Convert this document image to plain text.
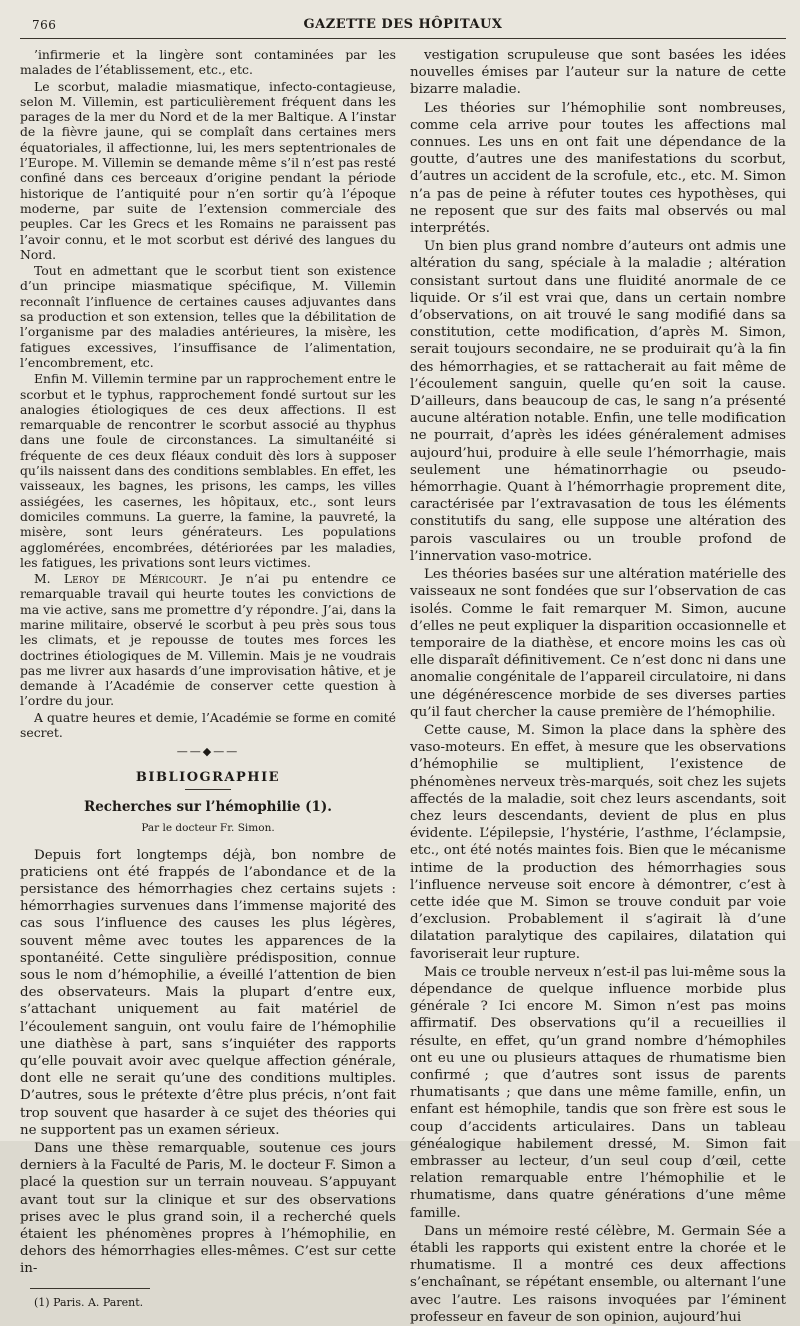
766	GAZETTE DES HÔPITAUX

’infirmerie et la lingère sont contaminées par les malades de l’établissement, etc., etc.

Le scorbut, maladie miasmatique, infecto-contagieuse, selon M. Villemin, est particulièrement fréquent dans les parages de la mer du Nord et de la mer Baltique. A l’instar de la fièvre jaune, qui se complaît dans certaines mers équatoriales, il affectionne, lui, les mers septentrionales de l’Europe. M. Villemin se demande même s’il n’est pas resté confiné dans ces berceaux d’origine pendant la période historique de l’antiquité pour n’en sortir qu’à l’époque moderne, par suite de l’extension commerciale des peuples. Car les Grecs et les Romains ne paraissent pas l’avoir connu, et le mot scorbut est dérivé des langues du Nord.

Tout en admettant que le scorbut tient son existence d’un principe miasmatique spécifique, M. Villemin reconnaît l’influence de certaines causes adjuvantes dans sa production et son extension, telles que la débilitation de l’organisme par des maladies antérieures, la misère, les fatigues excessives, l’insuffisance de l’alimentation, l’encombrement, etc.

Enfin M. Villemin termine par un rapprochement entre le scorbut et le typhus, rapprochement fondé surtout sur les analogies étiologiques de ces deux affections. Il est remarquable de rencontrer le scorbut associé au thyphus dans une foule de circonstances. La simultanéité si fréquente de ces deux fléaux conduit dès lors à supposer qu’ils naissent dans des conditions semblables. En effet, les vaisseaux, les bagnes, les prisons, les camps, les villes assiégées, les casernes, les hôpitaux, etc., sont leurs domiciles communs. La guerre, la famine, la pauvreté, la misère, sont leurs générateurs. Les populations agglomérées, encombrées, détériorées par les maladies, les fatigues, les privations sont leurs victimes.

M. Leroy de Méricourt. Je n’ai pu entendre ce remarquable travail qui heurte toutes les convictions de ma vie active, sans me promettre d’y répondre. J’ai, dans la marine militaire, observé le scorbut à peu près sous tous les climats, et je repousse de toutes mes forces les doctrines étiologiques de M. Villemin. Mais je ne voudrais pas me livrer aux hasards d’une improvisation hâtive, et je demande à l’Académie de conserver cette question à l’ordre du jour.

A quatre heures et demie, l’Académie se forme en comité secret.

——◆——
BIBLIOGRAPHIE
Recherches sur l’hémophilie (1).
Par le docteur Fr. Simon.

Depuis fort longtemps déjà, bon nombre de praticiens ont été frappés de l’abondance et de la persistance des hémorrhagies chez certains sujets : hémorrhagies survenues dans l’immense majorité des cas sous l’influence des causes les plus légères, souvent même avec toutes les apparences de la spontanéité. Cette singulière prédisposition, connue sous le nom d’hémophilie, a éveillé l’attention de bien des observateurs. Mais la plupart d’entre eux, s’attachant uniquement au fait matériel de l’écoulement sanguin, ont voulu faire de l’hémophilie une diathèse à part, sans s’inquiéter des rapports qu’elle pouvait avoir avec quelque affection générale, dont elle ne serait qu’une des conditions multiples. D’autres, sous le prétexte d’être plus précis, n’ont fait trop souvent que hasarder à ce sujet des théories qui ne supportent pas un examen sérieux.

Dans une thèse remarquable, soutenue ces jours derniers à la Faculté de Paris, M. le docteur F. Simon a placé la question sur un terrain nouveau. S’appuyant avant tout sur la clinique et sur des observations prises avec le plus grand soin, il a recherché quels étaient les phénomènes propres à l’hémophilie, en dehors des hémorrhagies elles-mêmes. C’est sur cette in-

(1) Paris. A. Parent.

vestigation scrupuleuse que sont basées les idées nouvelles émises par l’auteur sur la nature de cette bizarre maladie.

Les théories sur l’hémophilie sont nombreuses, comme cela arrive pour toutes les affections mal connues. Les uns en ont fait une dépendance de la goutte, d’autres une des manifestations du scorbut, d’autres un accident de la scrofule, etc., etc. M. Simon n’a pas de peine à réfuter toutes ces hypothèses, qui ne reposent que sur des faits mal observés ou mal interprétés.

Un bien plus grand nombre d’auteurs ont admis une altération du sang, spéciale à la maladie ; altération consistant surtout dans une fluidité anormale de ce liquide. Or s’il est vrai que, dans un certain nombre d’observations, on ait trouvé le sang modifié dans sa constitution, cette modification, d’après M. Simon, serait toujours secondaire, ne se produirait qu’à la fin des hémorrhagies, et se rattacherait au fait même de l’écoulement sanguin, quelle qu’en soit la cause. D’ailleurs, dans beaucoup de cas, le sang n’a présenté aucune altération notable. Enfin, une telle modification ne pourrait, d’après les idées généralement admises aujourd’hui, produire à elle seule l’hémorrhagie, mais seulement une hématinorrhagie ou pseudo-hémorrhagie. Quant à l’hémorrhagie proprement dite, caractérisée par l’extravasation de tous les éléments constitutifs du sang, elle suppose une altération des parois vasculaires ou un trouble profond de l’innervation vaso-motrice.

Les théories basées sur une altération matérielle des vaisseaux ne sont fondées que sur l’observation de cas isolés. Comme le fait remarquer M. Simon, aucune d’elles ne peut expliquer la disparition occasionnelle et temporaire de la diathèse, et encore moins les cas où elle disparaît définitivement. Ce n’est donc ni dans une anomalie congénitale de l’appareil circulatoire, ni dans une dégénérescence morbide de ses diverses parties qu’il faut chercher la cause première de l’hémophilie.

Cette cause, M. Simon la place dans la sphère des vaso-moteurs. En effet, à mesure que les observations d’hémophilie se multiplient, l’existence de phénomènes nerveux très-marqués, soit chez les sujets affectés de la maladie, soit chez leurs ascendants, soit chez leurs descendants, devient de plus en plus évidente. L’épilepsie, l’hystérie, l’asthme, l’éclampsie, etc., ont été notés maintes fois. Bien que le mécanisme intime de la production des hémorrhagies sous l’influence nerveuse soit encore à démontrer, c’est à cette idée que M. Simon se trouve conduit par voie d’exclusion. Probablement il s’agirait là d’une dilatation paralytique des capilaires, dilatation qui favoriserait leur rupture.

Mais ce trouble nerveux n’est-il pas lui-même sous la dépendance de quelque influence morbide plus générale ? Ici encore M. Simon n’est pas moins affirmatif. Des observations qu’il a recueillies il résulte, en effet, qu’un grand nombre d’hémophiles ont eu une ou plusieurs attaques de rhumatisme bien confirmé ; que d’autres sont issus de parents rhumatisants ; que dans une même famille, enfin, un enfant est hémophile, tandis que son frère est sous le coup d’accidents articulaires. Dans un tableau généalogique habilement dressé, M. Simon fait embrasser au lecteur, d’un seul coup d’œil, cette relation remarquable entre l’hémophilie et le rhumatisme, dans quatre générations d’une même famille.

Dans un mémoire resté célèbre, M. Germain Sée a établi les rapports qui existent entre la chorée et le rhumatisme. Il a montré ces deux affections s’enchaînant, se répétant ensemble, ou alternant l’une avec l’autre. Les raisons invoquées par l’éminent professeur en faveur de son opinion, aujourd’hui
